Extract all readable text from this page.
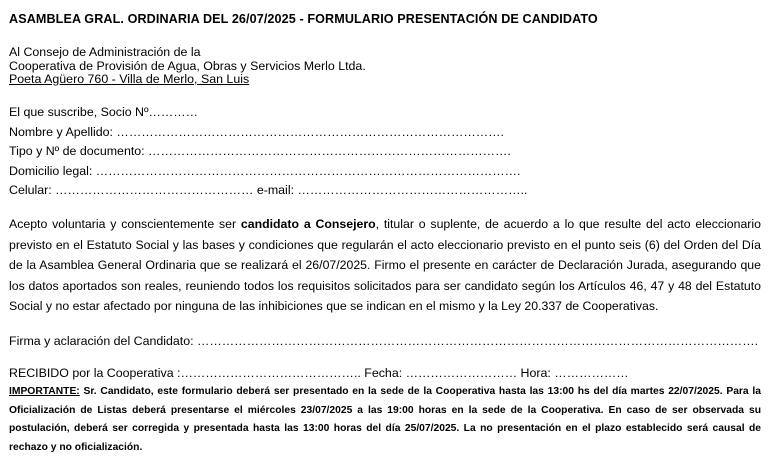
ASAMBLEA GRAL. ORDINARIA DEL 26/07/2025 - FORMULARIO PRESENTACIÓN DE CANDIDATO
Al Consejo de Administración de la
Cooperativa de Provisión de Agua, Obras y Servicios Merlo Ltda.
Poeta Agüero 760 - Villa de Merlo, San Luis
El que suscribe, Socio Nº…………
Nombre y Apellido: ………………………………………………………………………………….
Tipo y Nº de documento: …………………………………………………………………………….
Domicilio legal: ………………………………………………………………………………………….
Celular: ………………………………………… e-mail: ………………………………………………..
Acepto voluntaria y conscientemente ser candidato a Consejero, titular o suplente, de acuerdo a lo que resulte del acto eleccionario previsto en el Estatuto Social y las bases y condiciones que regularán el acto eleccionario previsto en el punto seis (6) del Orden del Día de la Asamblea General Ordinaria que se realizará el 26/07/2025. Firmo el presente en carácter de Declaración Jurada, asegurando que los datos aportados son reales, reuniendo todos los requisitos solicitados para ser candidato según los Artículos 46, 47 y 48 del Estatuto Social y no estar afectado por ninguna de las inhibiciones que se indican en el mismo y la Ley 20.337 de Cooperativas.
Firma y aclaración del Candidato: ……………………………………………………………………………………………………………………….
RECIBIDO por la Cooperativa :…………………………………….. Fecha: ……………………… Hora: ………………
IMPORTANTE: Sr. Candidato, este formulario deberá ser presentado en la sede de la Cooperativa hasta las 13:00 hs del día martes 22/07/2025. Para la Oficialización de Listas deberá presentarse el miércoles 23/07/2025 a las 19:00 horas en la sede de la Cooperativa. En caso de ser observada su postulación, deberá ser corregida y presentada hasta las 13:00 horas del día 25/07/2025. La no presentación en el plazo establecido será causal de rechazo y no oficialización.
